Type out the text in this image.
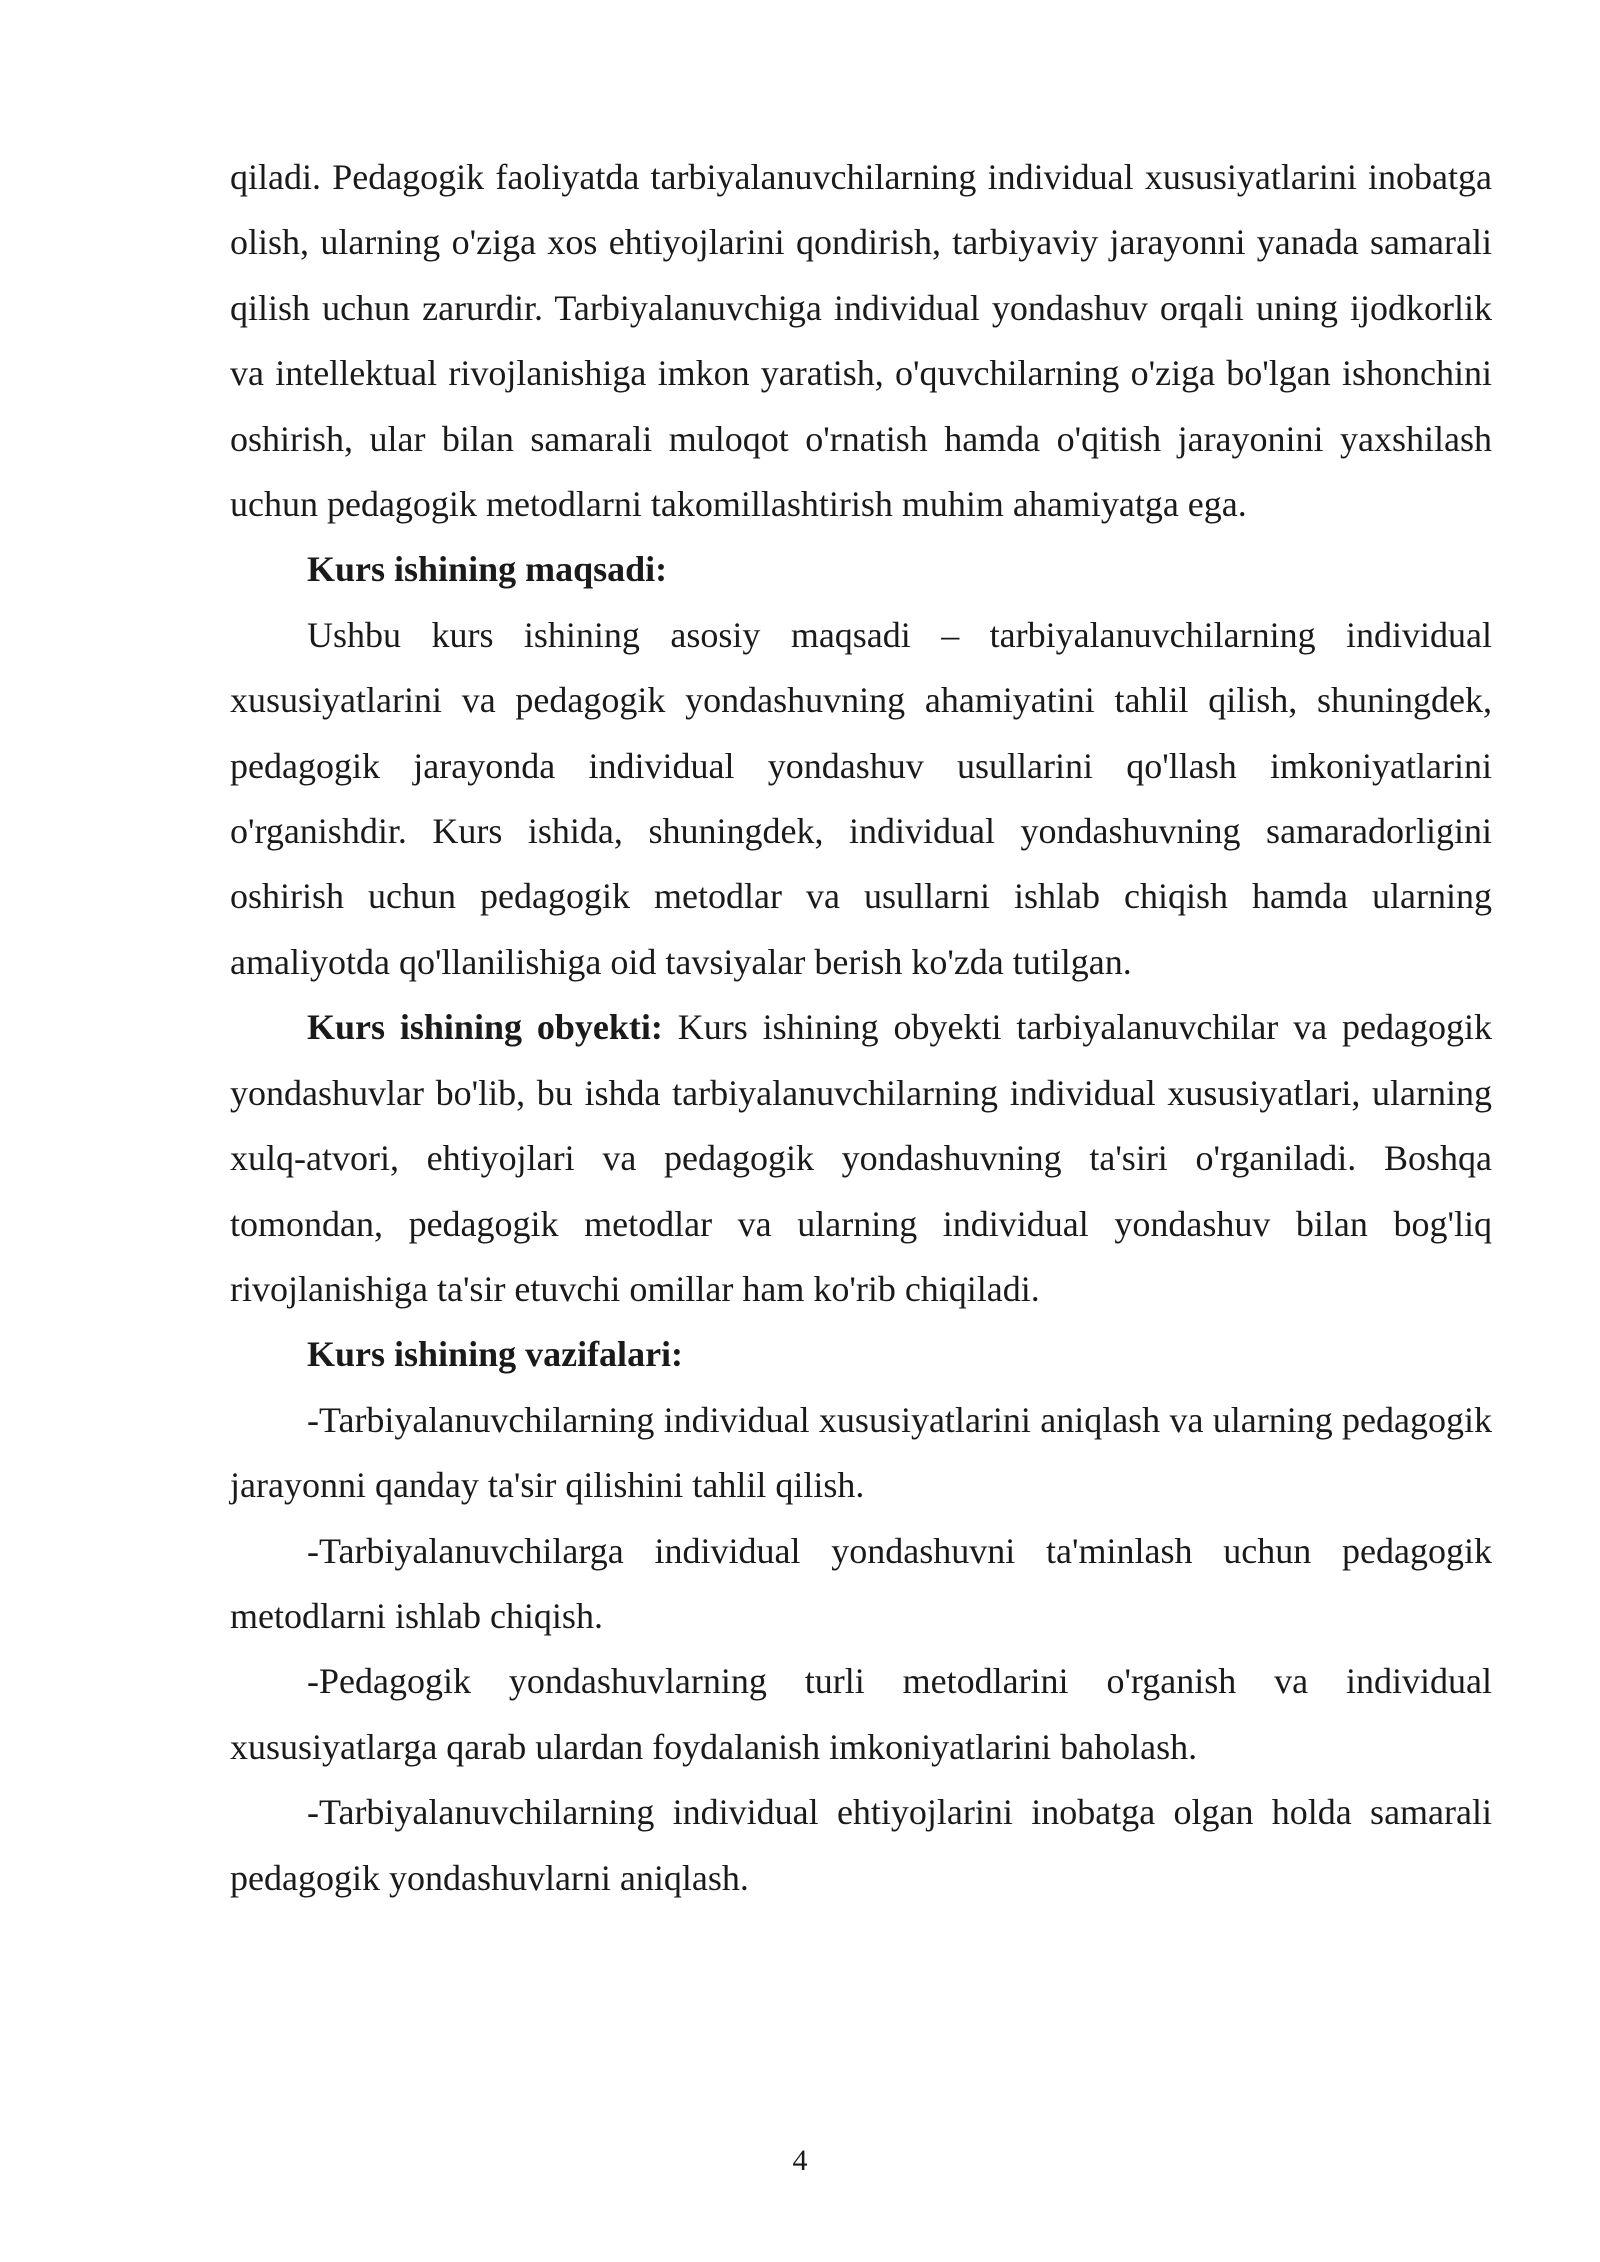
qiladi. Pedagogik faoliyatda tarbiyalanuvchilarning individual xususiyatlarini inobatga olish, ularning o'ziga xos ehtiyojlarini qondirish, tarbiyaviy jarayonni yanada samarali qilish uchun zarurdir. Tarbiyalanuvchiga individual yondashuv orqali uning ijodkorlik va intellektual rivojlanishiga imkon yaratish, o'quvchilarning o'ziga bo'lgan ishonchini oshirish, ular bilan samarali muloqot o'rnatish hamda o'qitish jarayonini yaxshilash uchun pedagogik metodlarni takomillashtirish muhim ahamiyatga ega.

Kurs ishining maqsadi:

Ushbu kurs ishining asosiy maqsadi – tarbiyalanuvchilarning individual xususiyatlarini va pedagogik yondashuvning ahamiyatini tahlil qilish, shuningdek, pedagogik jarayonda individual yondashuv usullarini qo'llash imkoniyatlarini o'rganishdir. Kurs ishida, shuningdek, individual yondashuvning samaradorligini oshirish uchun pedagogik metodlar va usullarni ishlab chiqish hamda ularning amaliyotda qo'llanilishiga oid tavsiyalar berish ko'zda tutilgan.

Kurs ishining obyekti: Kurs ishining obyekti tarbiyalanuvchilar va pedagogik yondashuvlar bo'lib, bu ishda tarbiyalanuvchilarning individual xususiyatlari, ularning xulq-atvori, ehtiyojlari va pedagogik yondashuvning ta'siri o'rganiladi. Boshqa tomondan, pedagogik metodlar va ularning individual yondashuv bilan bog'liq rivojlanishiga ta'sir etuvchi omillar ham ko'rib chiqiladi.

Kurs ishining vazifalari:

-Tarbiyalanuvchilarning individual xususiyatlarini aniqlash va ularning pedagogik jarayonni qanday ta'sir qilishini tahlil qilish.

-Tarbiyalanuvchilarga individual yondashuvni ta'minlash uchun pedagogik metodlarni ishlab chiqish.

-Pedagogik yondashuvlarning turli metodlarini o'rganish va individual xususiyatlarga qarab ulardan foydalanish imkoniyatlarini baholash.

-Tarbiyalanuvchilarning individual ehtiyojlarini inobatga olgan holda samarali pedagogik yondashuvlarni aniqlash.

4
